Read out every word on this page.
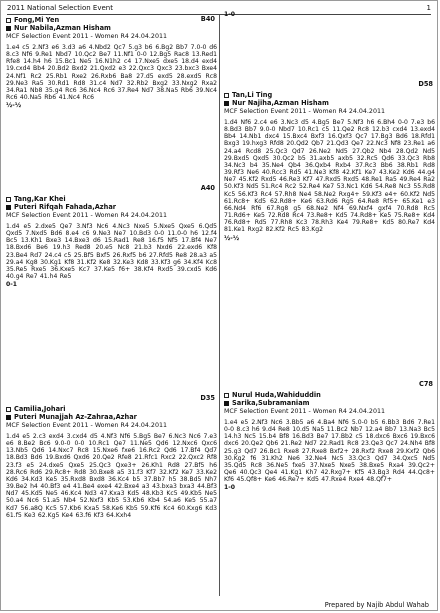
2011 National Selection Event	1
B40
Fong,Mi Yen
Nur Nabila,Azman Hisham
MCF Selection Event 2011 - Women R4 24.04.2011

1.e4 c5 2.Nf3 e6 3.d3 a6 4.Nbd2 Qc7 5.g3 b6 6.Bg2 Bb7 7.0-0 d6 8.c3 Nf6 9.Re1 Nbd7 10.Qc2 Be7 11.Nf1 0-0 12.Bg5 Rac8 13.Red1 Rfe8 14.h4 h6 15.Bc1 Ne5 16.N1h2 c4 17.Nxe5 dxe5 18.d4 exd4 19.cxd4 Bb4 20.Bd2 Bxd2 21.Qxd2 e3 22.Qxc3 Qxc3 23.bxc3 Bxe4 24.Nf1 Rc2 25.Rb1 Rxe2 26.Rxb6 Ba8 27.d5 exd5 28.exd5 Rc8 29.Ne3 Ra5 30.Rd1 Rd8 31.c4 Nd7 32.Rb2 Bxg2 33.Nxg2 Rxa2 34.Ra1 Nb8 35.g4 Rc6 36.Nc4 Rc6 37.Re4 Nd7 38.Na5 Rb6 39.Nc4 Rc6 40.Na5 Rb6 41.Nc4 Rc6

½-½
A40
Tang,Kar Khei
Puteri Rifqah Fahada,Azhar
MCF Selection Event 2011 - Women R4 24.04.2011

1.d4 e5 2.dxe5 Qe7 3.Nf3 Nc6 4.Nc3 Nxe5 5.Nxe5 Qxe5 6.Qd5 Qxd5 7.Nxd5 Bd6 8.e4 c6 9.Ne3 Ne7 10.Bd3 0-0 11.0-0 h6 12.f4 Bc5 13.Kh1 Bxe3 14.Bxe3 d6 15.Rad1 Re8 16.f5 Nf5 17.Bf4 Ne7 18.Bxd6 Be6 19.h3 Red8 20.e5 Nc8 21.b3 Nxd6 22.exd6 Kf8 23.Be4 Rd7 24.c4 c5 25.Bf5 Bxf5 26.Rxf5 b6 27.Rfd5 Re8 28.a3 a5 29.a4 Kg8 30.Kg1 Kf8 31.Kf2 Ke8 32.Ke3 Kd8 33.Kf3 g6 34.Kf4 Kc8 35.Re5 Rxe5 36.Kxe5 Kc7 37.Ke5 f6+ 38.Kf4 Rxd5 39.cxd5 Kd6 40.g4 Re7 41.h4 Re5

0-1
D35
Camilia,Johari
Puteri Munajjah Az-Zahraa,Azhar
MCF Selection Event 2011 - Women R4 24.04.2011

1.d4 e5 2.c3 exd4 3.cxd4 d5 4.Nf3 Nf6 5.Bg5 Be7 6.Nc3 Nc6 7.e3 e6 8.Be2 Bc6 9.0-0 0-0 10.Rc1 Qe7 11.Ne5 Qd6 12.Nxc6 Qxc6 13.Nb5 Qd6 14.Nxc7 Rc8 15.Nxe6 fxe6 16.Rc2 Qd6 17.Bf4 Qd7 18.Bd3 Bd6 19.Bxd6 Qxd6 20.Qe2 Rfe8 21.Rfc1 Rxc2 22.Qxc2 Rf8 23.f3 e5 24.dxe5 Qxe5 25.Qc3 Qxe3+ 26.Kh1 Rd8 27.Bf5 h6 28.Rc6 Rd6 29.Rc8+ Rd8 30.Bxe8 a5 31.f3 Kf7 32.Kf2 Ke7 33.Ke2 Kd6 34.Kd3 Ke5 35.Rxd8 Bxd8 36.Kc4 b5 37.Bb7 h5 38.Bd5 Nh7 39.Be2 h4 40.Bf3 e4 41.Be4 exe4 42.Bxe4 a3 43.bxa3 bxa3 44.Bf3 Nd7 45.Kd5 Ne5 46.Kc4 Nd3 47.Kxa3 Kd5 48.Kb3 Kc5 49.Kb5 Ne5 50.a4 Nc6 51.a5 Nb4 52.Nxf3 Kb5 53.Kb6 Kb4 54.a6 Ke5 55.a7 Kd7 56.a8Q Kc5 57.Kb6 Kxa5 58.Ke6 Kb5 59.Kf6 Kc4 60.Kxg6 Kd3 61.f5 Ke3 62.Kg5 Ke4 63.f6 Kf3 64.Kxh4

1-0
D58
Tan,Li Ting
Nur Najiha,Azman Hisham
MCF Selection Event 2011 - Women R4 24.04.2011

1.d4 Nf6 2.c4 e6 3.Nc3 d5 4.Bg5 Be7 5.Nf3 h6 6.Bh4 0-0 7.e3 b6 8.Bd3 Bb7 9.0-0 Nbd7 10.Rc1 c5 11.Qe2 Rc8 12.b3 cxd4 13.exd4 Bb4 14.Nb1 dxc4 15.Bxc4 Bxf3 16.Qxf3 Qc7 17.Bg3 Bd6 18.Rfd1 Bxg3 19.hxg3 Rfd8 20.Qd2 Qb7 21.Qd3 Qe7 22.Nc3 Nf8 23.Re1 a6 24.a4 Rcd8 25.Qc3 Qd7 26.Ne2 Nd5 27.Qb2 Nb4 28.Qd2 Nd5 29.Bxd5 Qxd5 30.Qc2 b5 31.axb5 axb5 32.Rc5 Qd6 33.Qc3 Rb8 34.Nc3 b4 35.Ne4 Qb4 36.Qxb4 Rxb4 37.Rc3 Bb6 38.Rb1 Rd8 39.Rf3 Ne6 40.Rcc3 Rd5 41.Ne3 Kf8 42.Kf1 Ke7 43.Ke2 Kd6 44.g4 Ne7 45.Kf2 Rxd5 46.Re3 Kf7 47.Rxd5 Rxd5 48.Re1 Ra5 49.Re4 Ra2 50.Kf3 Nd5 51.Rc4 Rc2 52.Re4 Ke7 53.Nc1 Kd6 54.Re8 Nc3 55.Rd8 Kc5 56.Kf3 Rc4 57.Rh8 Ne4 58.Ne2 Rxg4+ 59.Kf3 e4+ 60.Kf2 Nd5 61.Rc8+ Kd5 62.Rd8+ Ke6 63.Rd6 Rg5 64.Re8 Rf5+ 65.Ke1 e3 66.Nd4 Rf6 67.Rg8 g5 68.Ne2 Nf4 69.Nxf4 gxf4 70.Rd8 Rc5 71.Rd6+ Ke5 72.Rd8 Rc4 73.Re8+ Kd5 74.Rd8+ Ke5 75.Re8+ Kd4 76.Rd8+ Rd5 77.Rh8 Kc3 78.Rh3 Ke4 79.Re8+ Kd5 80.Re7 Kd4 81.Ke1 Rxg2 82.Kf2 Rc5 83.Kg2

½-½
C78
Nurul Huda,Wahiduddin
Sarika,Subramaniam
MCF Selection Event 2011 - Women R4 24.04.2011

1.e4 e5 2.Nf3 Nc6 3.Bb5 a6 4.Ba4 Nf6 5.0-0 b5 6.Bb3 Bd6 7.Re1 0-0 8.c3 h6 9.d4 Re8 10.d5 Na5 11.Bc2 Nb7 12.a4 Bb7 13.Na3 Bc5 14.h3 Nc5 15.b4 Bf8 16.Bd3 Be7 17.Bb2 c5 18.dxc6 Bxc6 19.Bxc6 dxc6 20.Qe2 Qb6 21.Re2 Nd7 22.Rad1 Rc8 23.Qe3 Qc7 24.Nh4 Bf8 25.g3 Qd7 26.Bc1 Rxe8 27.Rxe8 Bxf2+ 28.Rxf2 Rxe8 29.Kxf2 Qb6 30.Kg2 f6 31.Kh2 Ne6 32.Ne4 Nc5 33.Qc3 Qd7 34.Qxc5 Nd5 35.Qd5 Rc8 36.Ne5 fxe5 37.Nxe5 Nxe5 38.Bxe5 Rxa4 39.Qc2+ Qe6 40.Qc3 Qe4 41.Kg1 Kh7 42.Rxg7+ Kf5 43.Bg3 Rd4 44.Qc8+ Kf6 45.Qf8+ Ke6 46.Re7+ Kd5 47.Rxe4 Rxe4 48.Qf7+

1-0
Prepared by Najib Abdul Wahab
